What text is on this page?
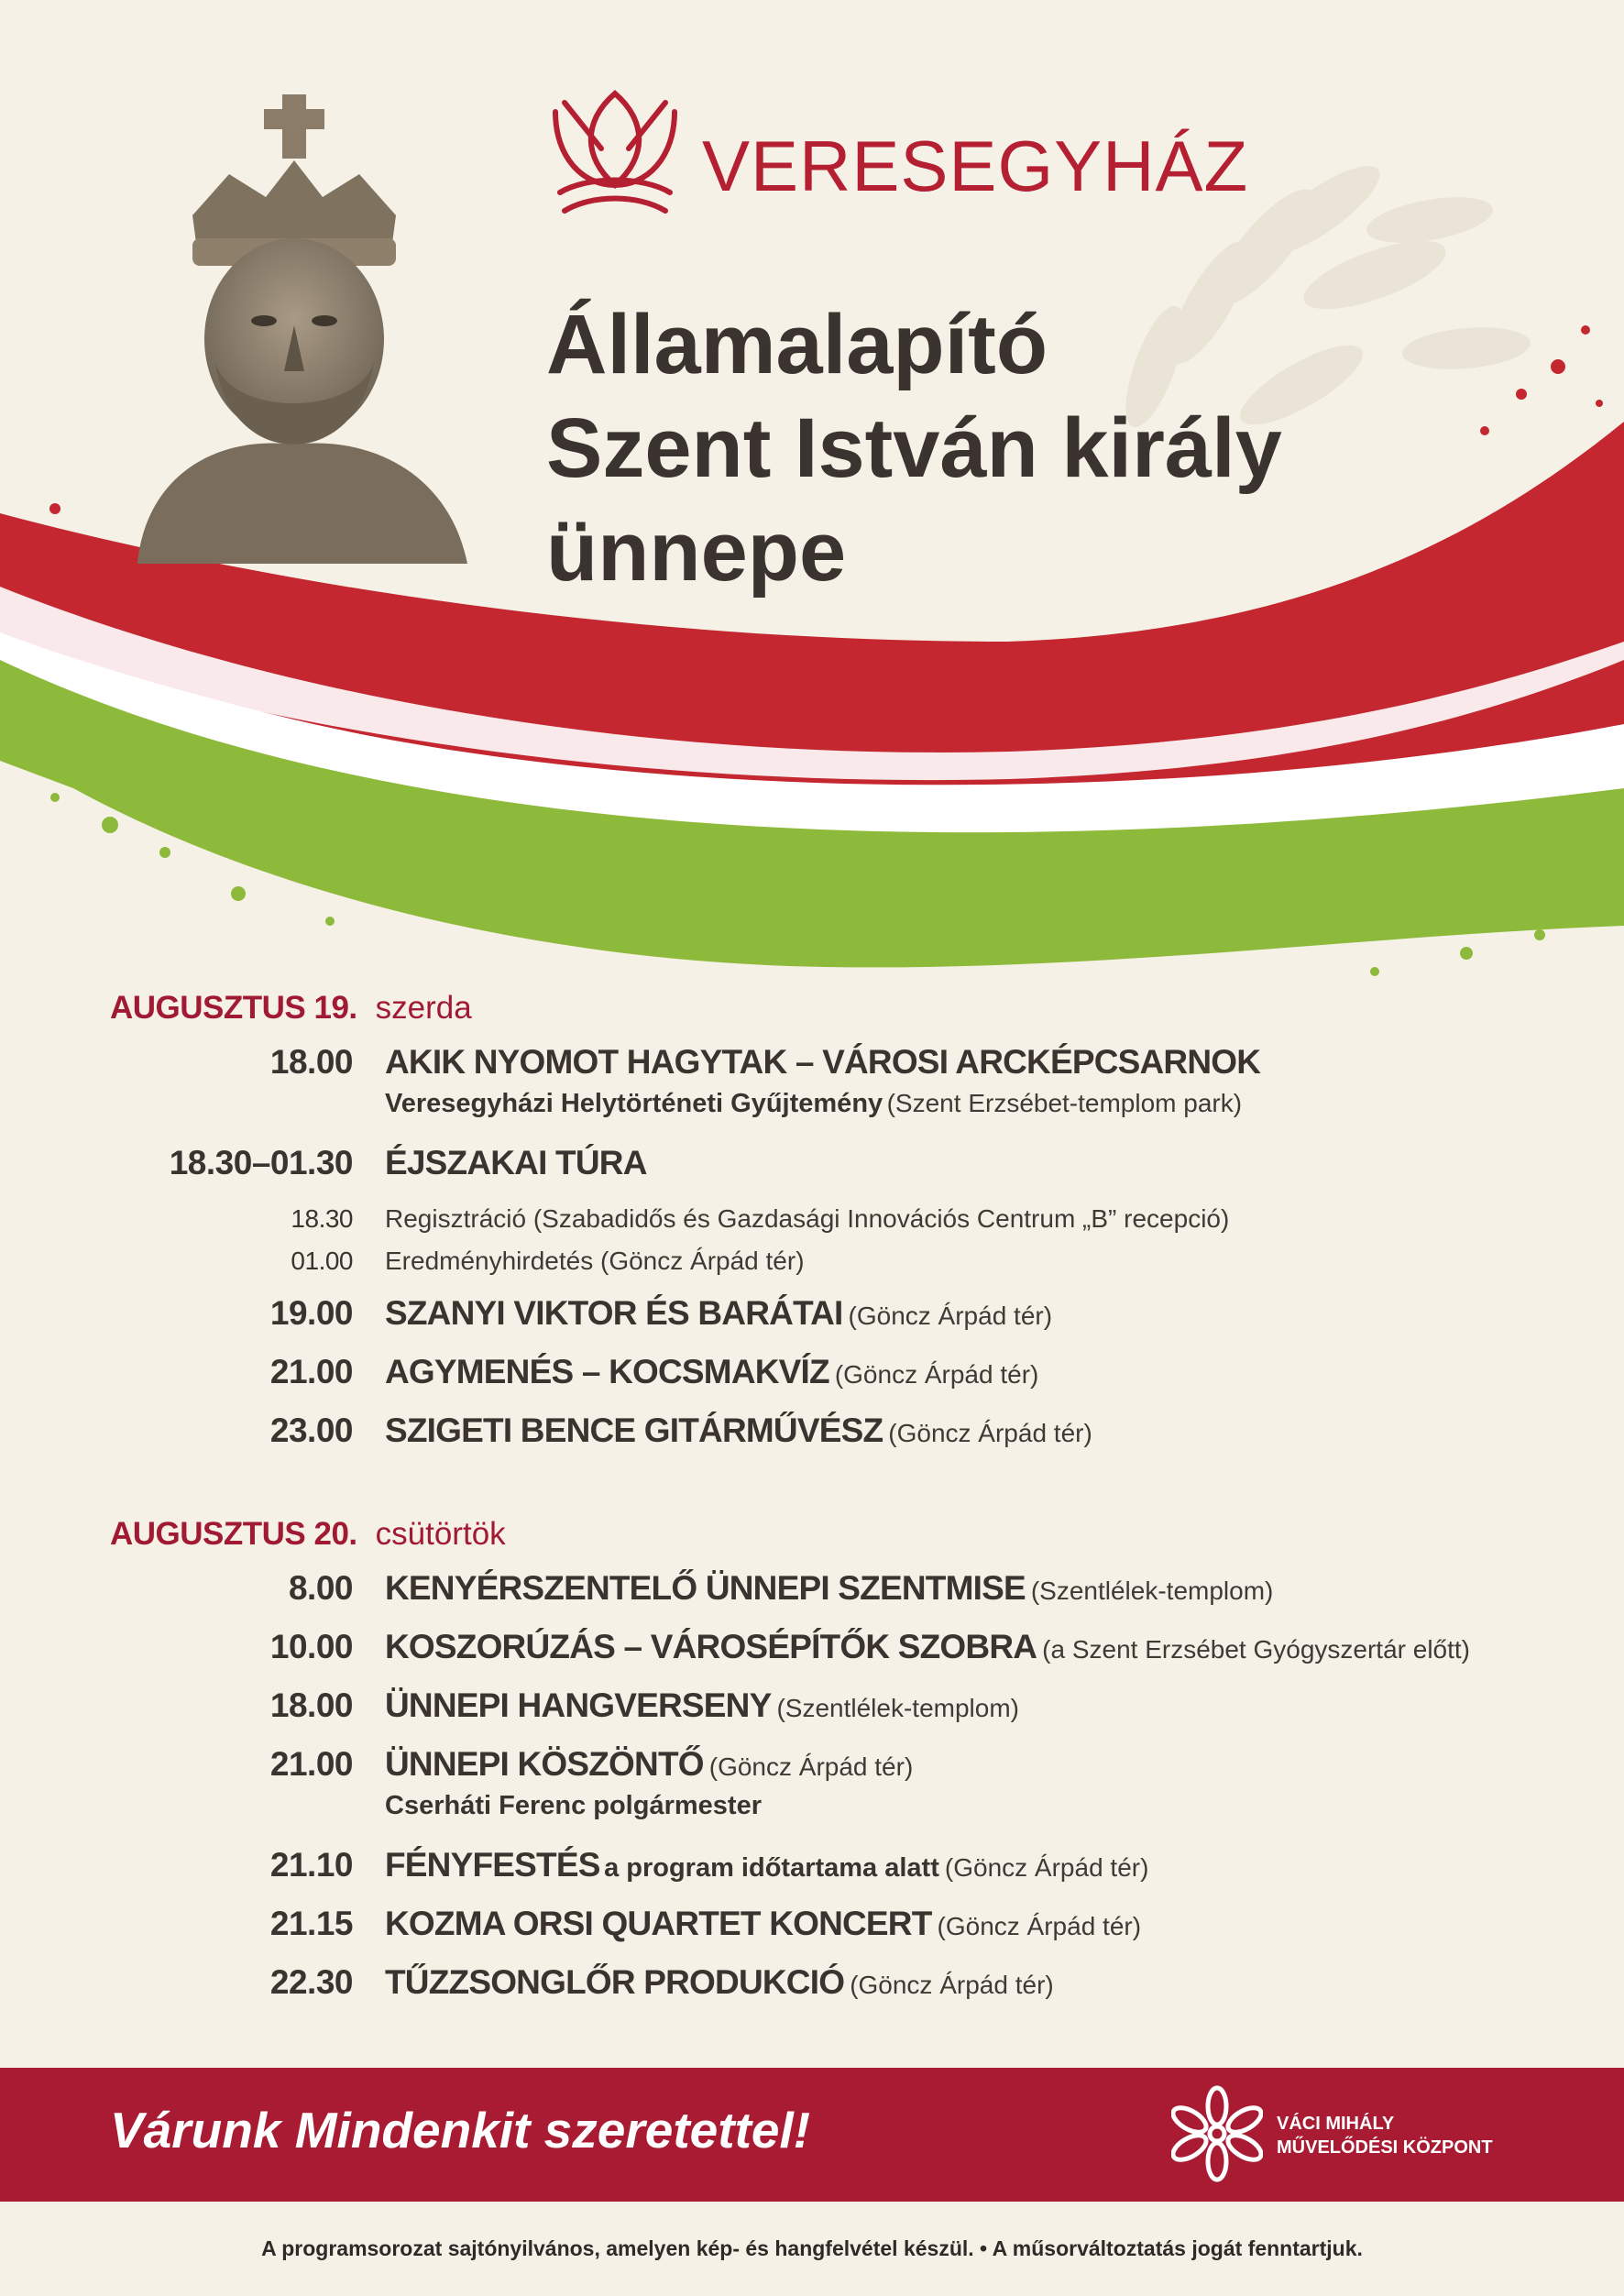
VERESEGYHÁZ
Államalapító
Szent István király
ünnepe
AUGUSZTUS 19. szerda
18.00 AKIK NYOMOT HAGYTAK – VÁROSI ARCKÉPCSARNOK
Veresegyházi Helytörténeti Gyűjtemény (Szent Erzsébet-templom park)
18.30–01.30 ÉJSZAKAI TÚRA
18.30 Regisztráció (Szabadidős és Gazdasági Innovációs Centrum „B” recepció)
01.00 Eredményhirdetés (Göncz Árpád tér)
19.00 SZANYI VIKTOR ÉS BARÁTAI (Göncz Árpád tér)
21.00 AGYMENÉS – KOCSMAKVÍZ (Göncz Árpád tér)
23.00 SZIGETI BENCE GITÁRMŰVÉSZ (Göncz Árpád tér)
AUGUSZTUS 20. csütörtök
8.00 KENYÉRSZENTELŐ ÜNNEPI SZENTMISE (Szentlélek-templom)
10.00 KOSZORÚZÁS – VÁROSÉPÍTŐK SZOBRA (a Szent Erzsébet Gyógyszertár előtt)
18.00 ÜNNEPI HANGVERSENY (Szentlélek-templom)
21.00 ÜNNEPI KÖSZÖNTŐ (Göncz Árpád tér)
Cserháti Ferenc polgármester
21.10 FÉNYFESTÉS a program időtartama alatt (Göncz Árpád tér)
21.15 KOZMA ORSI QUARTET KONCERT (Göncz Árpád tér)
22.30 TŰZZSONGLŐR PRODUKCIÓ (Göncz Árpád tér)
Várunk Mindenkit szeretettel!	VÁCI MIHÁLY
MŰVELŐDÉSI KÖZPONT
A programsorozat sajtónyilvános, amelyen kép- és hangfelvétel készül. • A műsorváltoztatás jogát fenntartjuk.
